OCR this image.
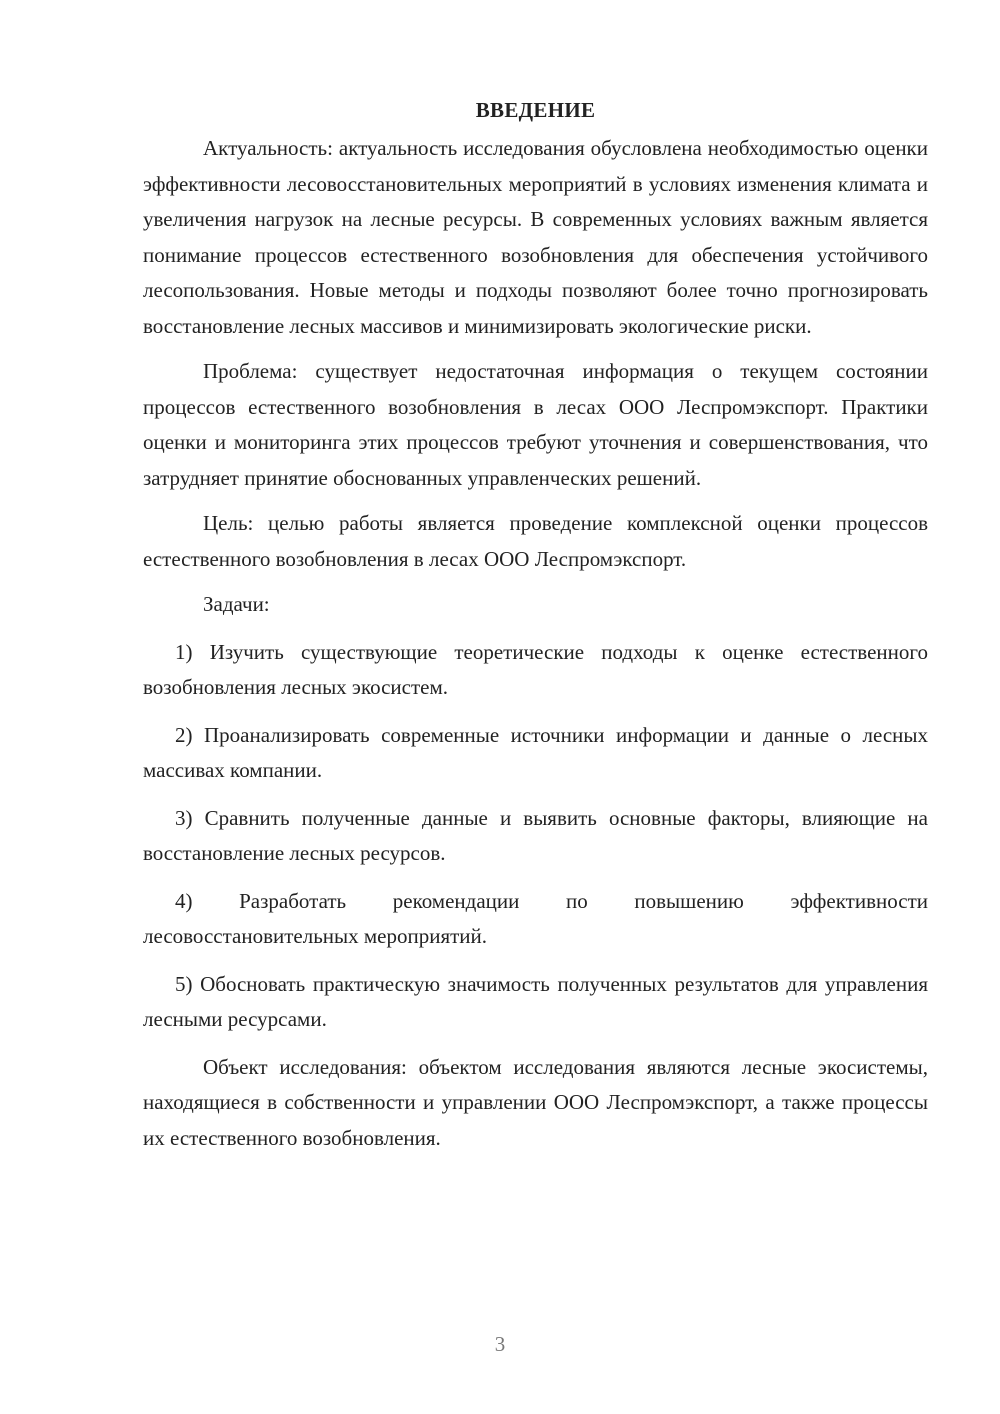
ВВЕДЕНИЕ

Актуальность: актуальность исследования обусловлена необходимостью оценки эффективности лесовосстановительных мероприятий в условиях изменения климата и увеличения нагрузок на лесные ресурсы. В современных условиях важным является понимание процессов естественного возобновления для обеспечения устойчивого лесопользования. Новые методы и подходы позволяют более точно прогнозировать восстановление лесных массивов и минимизировать экологические риски.

Проблема: существует недостаточная информация о текущем состоянии процессов естественного возобновления в лесах ООО Леспромэкспорт. Практики оценки и мониторинга этих процессов требуют уточнения и совершенствования, что затрудняет принятие обоснованных управленческих решений.

Цель: целью работы является проведение комплексной оценки процессов естественного возобновления в лесах ООО Леспромэкспорт.

Задачи:

1) Изучить существующие теоретические подходы к оценке естественного возобновления лесных экосистем.

2) Проанализировать современные источники информации и данные о лесных массивах компании.

3) Сравнить полученные данные и выявить основные факторы, влияющие на восстановление лесных ресурсов.

4) Разработать рекомендации по повышению эффективности лесовосстановительных мероприятий.

5) Обосновать практическую значимость полученных результатов для управления лесными ресурсами.

Объект исследования: объектом исследования являются лесные экосистемы, находящиеся в собственности и управлении ООО Леспромэкспорт, а также процессы их естественного возобновления.

3
